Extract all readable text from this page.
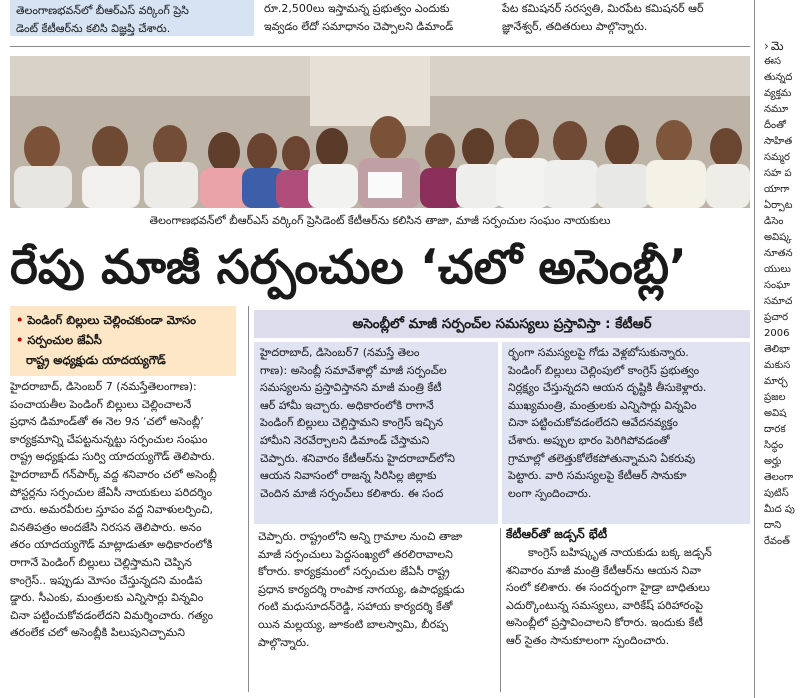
తెలంగాణభవన్‌లో బీఆర్‌ఎస్ వర్కింగ్ ప్రెసి
డెంట్ కేటీఆర్‌ను కలిసి విజ్ఞప్తి చేశారు.
రూ.2,500లు ఇస్తామన్న ప్రభుత్వం ఎందుకు
ఇవ్వడం లేదో సమాధానం చెప్పాలని డిమాండ్
పేట కమిషనర్ సరస్వతి, మిరపేట కమిషనర్ ఆర్
జ్ఞానేశ్వర్, తదితరులు పాల్గొన్నారు.
తెలంగాణభవన్‌లో బీఆర్‌ఎస్ వర్కింగ్ ప్రెసిడెంట్ కేటీఆర్‌ను కలిసిన తాజా, మాజీ సర్పంచుల సంఘం నాయకులు
రేపు మాజీ సర్పంచుల ‘చలో అసెంబ్లీ’
• పెండింగ్ బిల్లులు చెల్లించకుండా మోసం
• సర్పంచుల జేఏసీ
రాష్ట్ర అధ్యక్షుడు యాదయ్యగౌడ్
అసెంబ్లీలో మాజీ సర్పంచ్‌ల సమస్యలు ప్రస్తావిస్తా : కేటీఆర్
హైదరాబాద్, డిసెంబర్ 7 (నమస్తేతెలంగాణ):
పంచాయతీల పెండింగ్ బిల్లులు చెల్లించాలనే
ప్రధాన డిమాండ్‌తో ఈ నెల 9న ‘చలో అసెంబ్లీ’
కార్యక్రమాన్ని చేపట్టనున్నట్టు సర్పంచుల సంఘం
రాష్ట్ర అధ్యక్షుడు సుర్వి యాదయ్యగౌడ్ తెలిపారు.
హైదరాబాద్ గన్‌పార్క్ వద్ద శనివారం చలో అసెంబ్లీ
పోస్టర్లను సర్పంచుల జేఏసీ నాయకులు పరిదర్శిం
చారు. అమరవీరుల స్తూపం వద్ద నివాళులర్పించి,
వినతిపత్రం అందజేసి నిరసన తెలిపారు. అనం
తరం యాదయ్యగౌడ్ మాట్లాడుతూ అధికారంలోకి
రాగానే పెండింగ్ బిల్లులు చెల్లిస్తామని చెప్పిన
కాంగ్రెస్.. ఇప్పుడు మోసం చేస్తున్నదని మండిప
డ్డారు. సీఎంకు, మంత్రులకు ఎన్నిసార్లు విన్నవిం
చినా పట్టించుకోవడంలేదని విమర్శించారు. గత్యం
తరంలేక చలో అసెంబ్లీకి పిలుపునిచ్చామని
హైదరాబాద్, డిసెంబర్7 (నమస్తే తెలం
గాణ): అసెంబ్లీ సమావేశాల్లో మాజీ సర్పంచ్‌ల
సమస్యలను ప్రస్తావిస్తానని మాజీ మంత్రి కేటీ
ఆర్ హామీ ఇచ్చారు. అధికారంలోకి రాగానే
పెండింగ్ బిల్లులు చెల్లిస్తామని కాంగ్రెస్ ఇచ్చిన
హామీని నెరవేర్చాలని డిమాండ్ చేస్తామని
చెప్పారు. శనివారం కేటీఆర్‌ను హైదరాబాద్‌లోని
ఆయన నివాసంలో రాజన్న సిరిసిల్ల జిల్లాకు
చెందిన మాజీ సర్పంచ్‌లు కలిశారు. ఈ సంద
ర్భంగా సమస్యలపై గోడు వెళ్లబోసుకున్నారు.
పెండింగ్ బిల్లులు చెల్లింపులో కాంగ్రెస్ ప్రభుత్వం
నిర్లక్ష్యం చేస్తున్నదని ఆయన దృష్టికి తీసుకెళ్లారు.
ముఖ్యమంత్రి, మంత్రులకు ఎన్నిసార్లు విన్నవిం
చినా పట్టించుకోవడంలేదని ఆవేదనవ్యక్తం
చేశారు. అప్పుల భారం పెరిగిపోవడంతో
గ్రామాల్లో తలెత్తుకోలేకపోతున్నామని ఏకరువు
పెట్టారు. వారి సమస్యలపై కేటీఆర్ సానుకూ
లంగా స్పందించారు.
చెప్పారు. రాష్ట్రంలోని అన్ని గ్రామాల నుంచి తాజా
మాజీ సర్పంచులు పెద్దసంఖ్యలో తరలిరావాలని
కోరారు. కార్యక్రమంలో సర్పంచుల జేఏసీ రాష్ట్ర
ప్రధాన కార్యదర్శి రాంపాక నాగయ్య, ఉపాధ్యక్షుడు
గంటి మధుసూదన్‌రెడ్డి, సహాయ కార్యదర్శి కేతో
యిన మల్లయ్య, జూకంటి బాలస్వామి, బీరప్ప
పాల్గొన్నారు.
కేటీఆర్‌తో జడ్సన్ భేటీ
కాంగ్రెస్ బహిష్కృత నాయకుడు బక్క జడ్సన్
శనివారం మాజీ మంత్రి కేటీఆర్‌ను ఆయన నివా
సంలో కలిశారు. ఈ సందర్భంగా హైడ్రా బాధితులు
ఎదుర్కొంటున్న సమస్యలు, వారికేష్ పరిహారంపై
అసెంబ్లీలో ప్రస్తావించాలని కోరారు. ఇందుకు కేటీ
ఆర్ సైతం సానుకూలంగా స్పందించారు.
› మె
ఈస
తున్నద
వ్యక్తమ
నమూ
దీంతో
సాహిత
సమ్మర
సహ ప
యాగా
ఏర్పాట
డిసెం
అవిష్క
నూతన
యులు
సంఘా
సమాచ
ప్రచార
2006
తెలిభా
మకుస
మార్చ
ప్రజల
అవిష
దారక
సిద్ధం
అర్హు
తెలంగా
పుటిస్
మీద పు
దాని
రేవంత్
